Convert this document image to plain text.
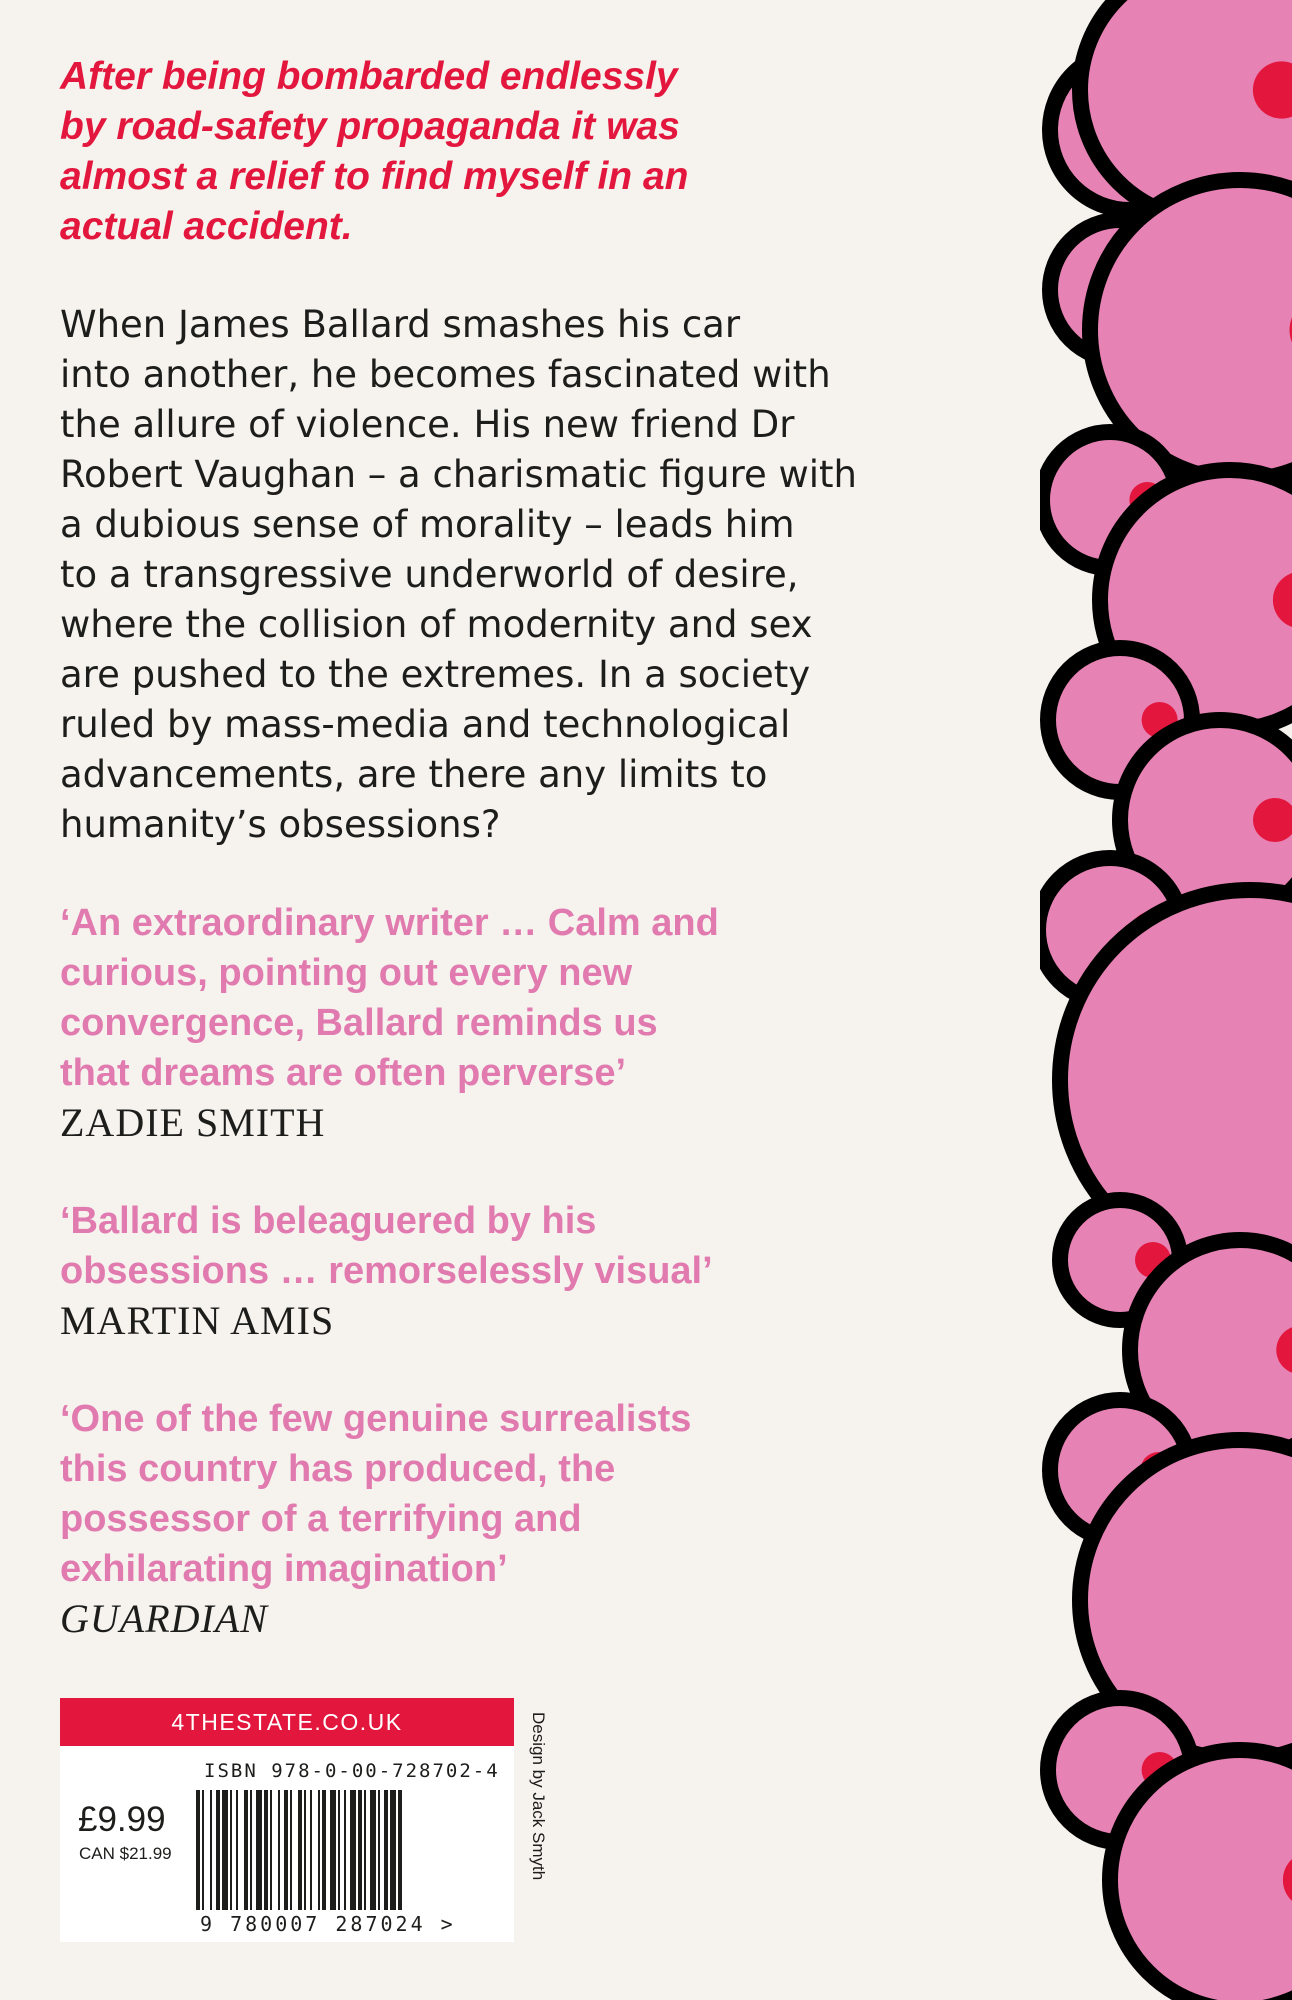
After being bombarded endlessly
by road-safety propaganda it was
almost a relief to find myself in an
actual accident.

When James Ballard smashes his car
into another, he becomes fascinated with
the allure of violence. His new friend Dr
Robert Vaughan – a charismatic figure with
a dubious sense of morality – leads him
to a transgressive underworld of desire,
where the collision of modernity and sex
are pushed to the extremes. In a society
ruled by mass-media and technological
advancements, are there any limits to
humanity’s obsessions?

‘An extraordinary writer … Calm and
curious, pointing out every new
convergence, Ballard reminds us
that dreams are often perverse’

ZADIE SMITH

‘Ballard is beleaguered by his
obsessions … remorselessly visual’

MARTIN AMIS

‘One of the few genuine surrealists
this country has produced, the
possessor of a terrifying and
exhilarating imagination’

GUARDIAN

4THESTATE.CO.UK
ISBN 978-0-00-728702-4
£9.99
CAN $21.99
9 780007 287024 >
Design by Jack Smyth
